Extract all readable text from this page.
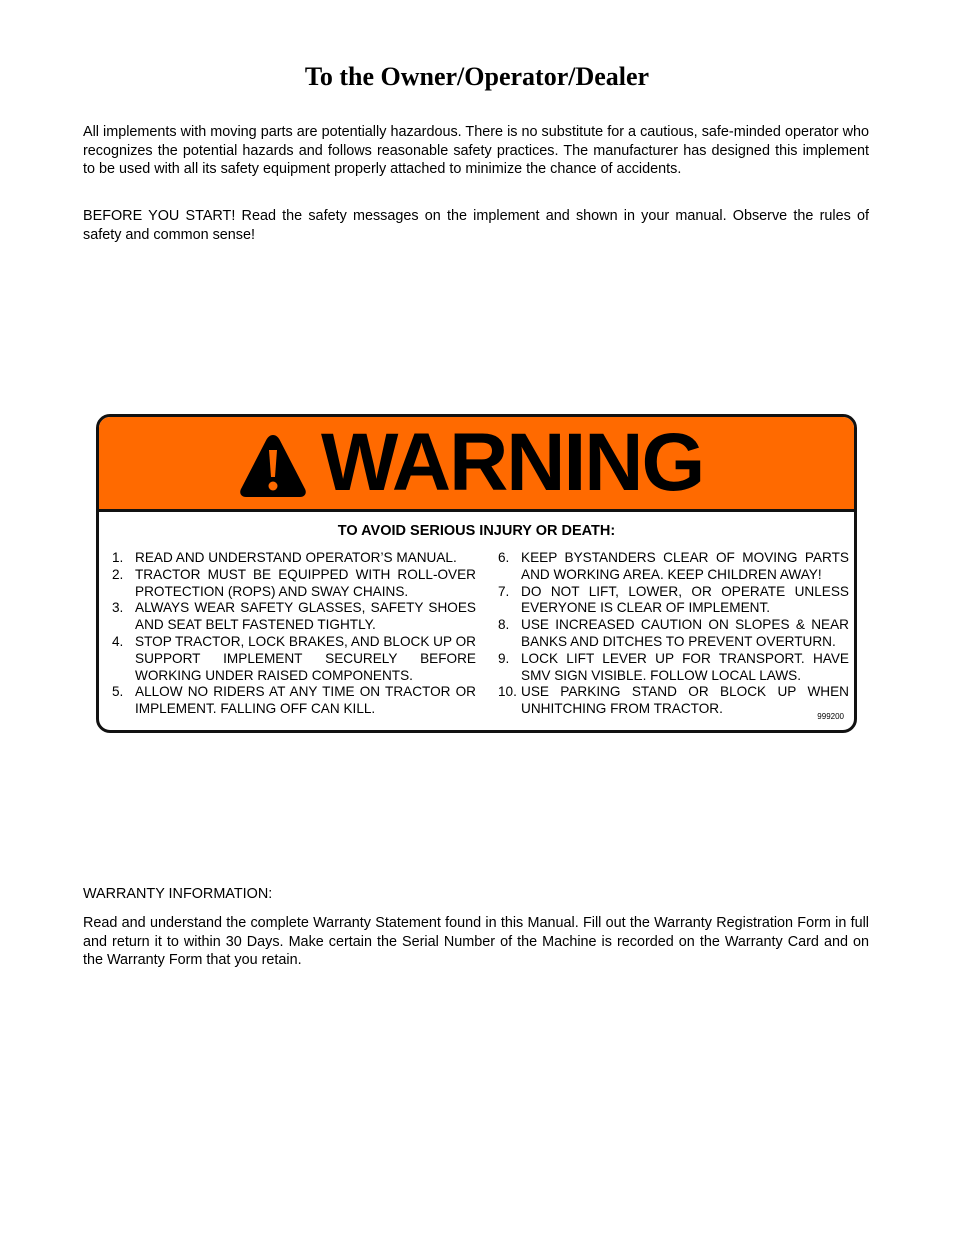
To the Owner/Operator/Dealer

All implements with moving parts are potentially hazardous. There is no substitute for a cautious, safe-minded operator who recognizes the potential hazards and follows reasonable safety practices. The manufacturer has designed this implement to be used with all its safety equipment properly attached to minimize the chance of accidents.

BEFORE YOU START! Read the safety messages on the implement and shown in your manual. Observe the rules of safety and common sense!

WARNING
TO AVOID SERIOUS INJURY OR DEATH:
1. READ AND UNDERSTAND OPERATOR’S MANUAL.
2. TRACTOR MUST BE EQUIPPED WITH ROLL-OVER PROTECTION (ROPS) AND SWAY CHAINS.
3. ALWAYS WEAR SAFETY GLASSES, SAFETY SHOES AND SEAT BELT FASTENED TIGHTLY.
4. STOP TRACTOR, LOCK BRAKES, AND BLOCK UP OR SUPPORT IMPLEMENT SECURELY BEFORE WORKING UNDER RAISED COMPONENTS.
5. ALLOW NO RIDERS AT ANY TIME ON TRACTOR OR IMPLEMENT. FALLING OFF CAN KILL.
6. KEEP BYSTANDERS CLEAR OF MOVING PARTS AND WORKING AREA. KEEP CHILDREN AWAY!
7. DO NOT LIFT, LOWER, OR OPERATE UNLESS EVERYONE IS CLEAR OF IMPLEMENT.
8. USE INCREASED CAUTION ON SLOPES & NEAR BANKS AND DITCHES TO PREVENT OVERTURN.
9. LOCK LIFT LEVER UP FOR TRANSPORT. HAVE SMV SIGN VISIBLE. FOLLOW LOCAL LAWS.
10. USE PARKING STAND OR BLOCK UP WHEN UNHITCHING FROM TRACTOR.
999200

WARRANTY INFORMATION:

Read and understand the complete Warranty Statement found in this Manual. Fill out the Warranty Registration Form in full and return it to within 30 Days. Make certain the Serial Number of the Machine is recorded on the Warranty Card and on the Warranty Form that you retain.
